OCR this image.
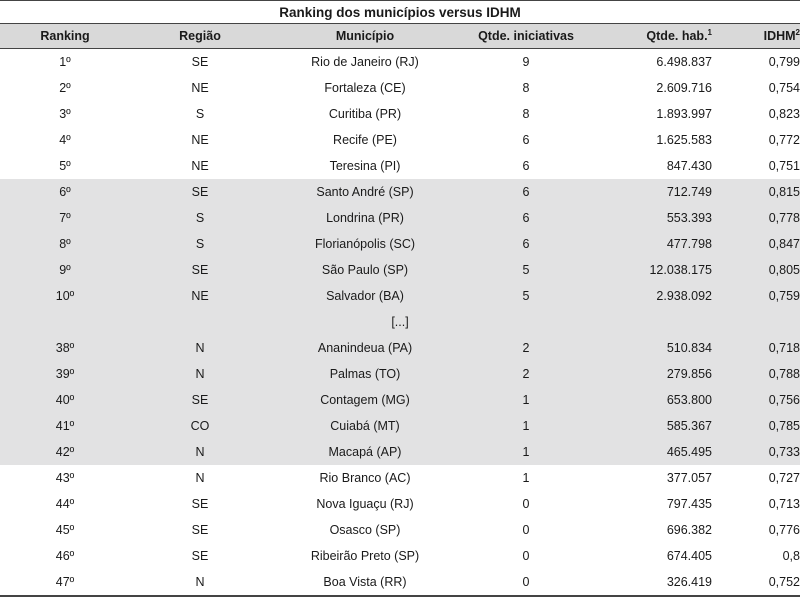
Ranking dos municípios versus IDHM
Ranking	Região	Município	Qtde. iniciativas	Qtde. hab.$^1$	IDHM$^2$
1º	SE	Rio de Janeiro (RJ)	9	6.498.837	0,799
2º	NE	Fortaleza (CE)	8	2.609.716	0,754
3º	S	Curitiba (PR)	8	1.893.997	0,823
4º	NE	Recife (PE)	6	1.625.583	0,772
5º	NE	Teresina (PI)	6	847.430	0,751
6º	SE	Santo André (SP)	6	712.749	0,815
7º	S	Londrina (PR)	6	553.393	0,778
8º	S	Florianópolis (SC)	6	477.798	0,847
9º	SE	São Paulo (SP)	5	12.038.175	0,805
10º	NE	Salvador (BA)	5	2.938.092	0,759
[...]
38º	N	Ananindeua (PA)	2	510.834	0,718
39º	N	Palmas (TO)	2	279.856	0,788
40º	SE	Contagem (MG)	1	653.800	0,756
41º	CO	Cuiabá (MT)	1	585.367	0,785
42º	N	Macapá (AP)	1	465.495	0,733
43º	N	Rio Branco (AC)	1	377.057	0,727
44º	SE	Nova Iguaçu (RJ)	0	797.435	0,713
45º	SE	Osasco (SP)	0	696.382	0,776
46º	SE	Ribeirão Preto (SP)	0	674.405	0,8
47º	N	Boa Vista (RR)	0	326.419	0,752
